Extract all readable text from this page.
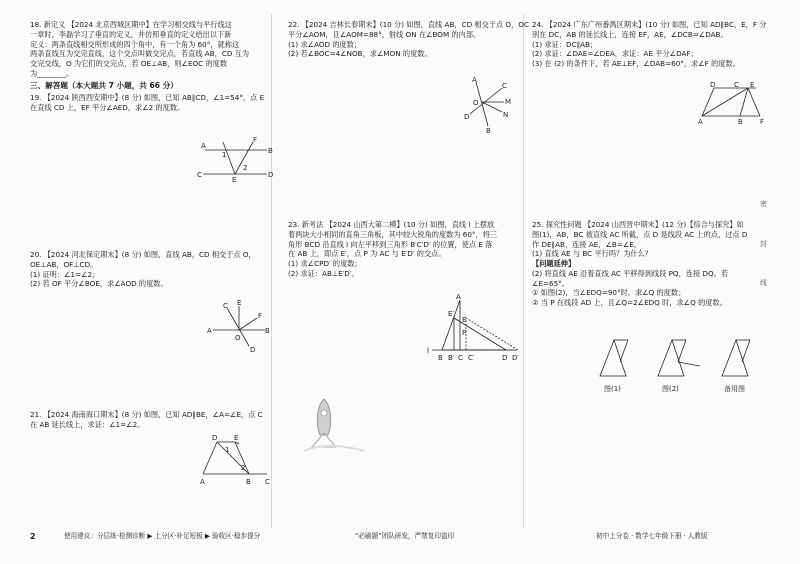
18. 新定义 【2024 北京西城区期中】在学习相交线与平行线这
一章时，李磊学习了垂直的定义，并仿照垂直的定义给出以下新
定义：两条直线相交所形成的四个角中，有一个角为 60°，就称这
两条直线互为交完直线，这个交点叫做交完点，若直线 AB，CD 互为
交完交线，O 为它们的交完点，若 OE⊥AB，则∠EOC 的度数
为________。
三、解答题（本大题共 7 小题，共 66 分）
19. 【2024 陕西西安期中】(8 分) 如图，已知 AB∥CD，∠1=54°，点 E
在直线 CD 上，EF 平分∠AED，求∠2 的度数。
A
B
C	D
E
F
1
2
20. 【2024 河北保定期末】(8 分) 如图，直线 AB，CD 相交于点 O，
OE⊥AB，OF⊥CD。
(1) 证明：∠1=∠2；
(2) 若 OF 平分∠BOE，求∠AOD 的度数。
A	B
C
D
E
F
O
21. 【2024 海南海口期末】(8 分) 如图，已知 AD∥BE，∠A=∠E，点 C
在 AB 延长线上，求证：∠1=∠2。
A	B C
D E
1
2
22. 【2024 吉林长春期末】(10 分) 如图，直线 AB，CD 相交于点 O，OC
平分∠AOM，且∠AOM=88°，射线 ON 在∠BOM 的内部。
(1) 求∠AOD 的度数；
(2) 若∠BOC=4∠NOB，求∠MON 的度数。
A
B
C
D
M
N
O
23. 新考法 【2024 山西大第二模】(10 分) 如图，直线 l 上摆放
着两块大小相同的直角三角板，其中较大锐角的度数为 60°，将三
角形 BCD 沿直线 l 向左平移到三角形 B′C′D′ 的位置，使点 E 落
在 AB 上，即点 E′，点 P 为 AC 与 E′D′ 的交点。
(1) 求∠CPD′ 的度数；
(2) 求证：AB⊥E′D′。
A
B C	D
E
P
l
B′ C′	D′
E′
24. 【2024 广东广州番禺区期末】(10 分) 如图，已知 AD∥BC，E，F 分
别在 DC，AB 的延长线上，连接 EF，AE，∠DCB=∠DAB。
(1) 求证：DC∥AB；
(2) 求证：∠DAE=∠DEA，求证：AE 平分∠DAF；
(3) 在 (2) 的条件下，若 AE⊥EF，∠DAB=60°，求∠F 的度数。
A	B
C
D	E
F
25. 探究性问题 【2024 山西晋中期末】(12 分)【综合与探究】如
图(1)，AB，BC 被直线 AC 所截，点 D 是线段 AC 上的点，过点 D
作 DE∥AB，连接 AE，∠B=∠E。
(1) 直线 AE 与 BC 平行吗？为什么？
【问题延伸】
(2) 将直线 AE 沿着直线 AC 平移得到线段 PQ，连接 DQ。若
∠E=65°。
① 如图(2)，当∠EDQ=90°时，求∠Q 的度数；
② 当 P 在线段 AD 上，且∠Q=2∠EDQ 时，求∠Q 的度数。
图(1)	图(2)	备用图
密
封
线
2	使用建议：分层练·检测诊断 ▶ 上分区·补足短板 ▶ 验收区·稳步提分	“必刷题”团队研发，严禁复印盗印	初中上分卷 · 数学七年级下册 · 人教版
